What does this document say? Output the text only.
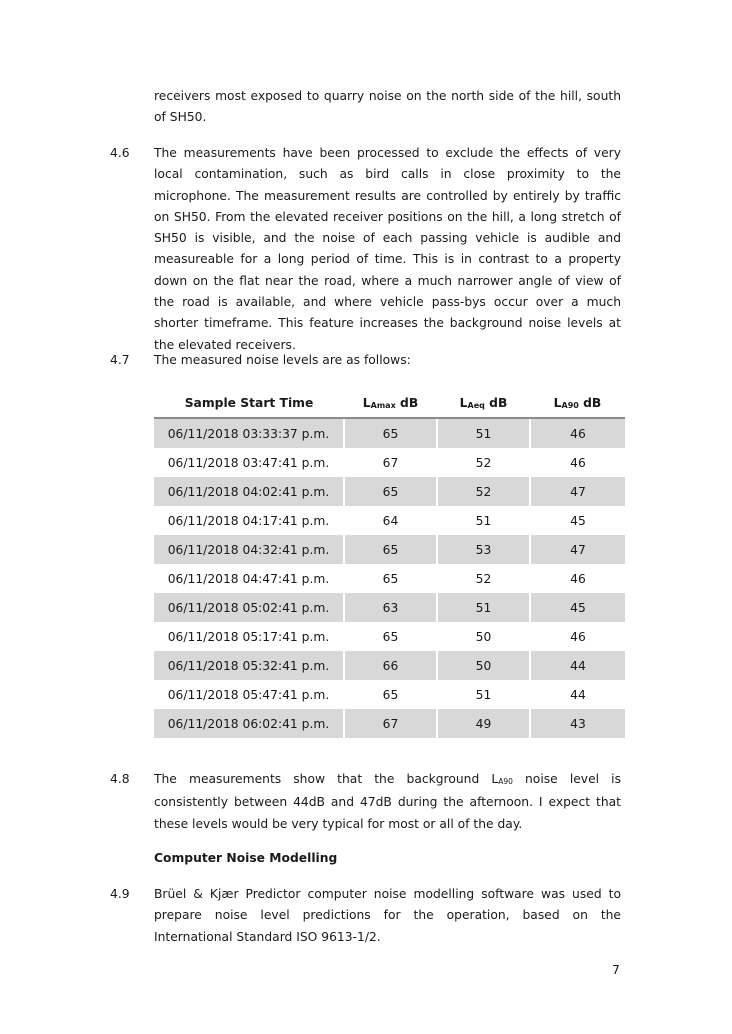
receivers most exposed to quarry noise on the north side of the hill, south of SH50.
4.6 The measurements have been processed to exclude the effects of very local contamination, such as bird calls in close proximity to the microphone. The measurement results are controlled by entirely by traffic on SH50. From the elevated receiver positions on the hill, a long stretch of SH50 is visible, and the noise of each passing vehicle is audible and measureable for a long period of time. This is in contrast to a property down on the flat near the road, where a much narrower angle of view of the road is available, and where vehicle pass-bys occur over a much shorter timeframe. This feature increases the background noise levels at the elevated receivers.
4.7 The measured noise levels are as follows:
Sample Start Time	$L_{Amax}$ dB	$L_{Aeq}$ dB	$L_{A90}$ dB
06/11/2018 03:33:37 p.m.	65	51	46
06/11/2018 03:47:41 p.m.	67	52	46
06/11/2018 04:02:41 p.m.	65	52	47
06/11/2018 04:17:41 p.m.	64	51	45
06/11/2018 04:32:41 p.m.	65	53	47
06/11/2018 04:47:41 p.m.	65	52	46
06/11/2018 05:02:41 p.m.	63	51	45
06/11/2018 05:17:41 p.m.	65	50	46
06/11/2018 05:32:41 p.m.	66	50	44
06/11/2018 05:47:41 p.m.	65	51	44
06/11/2018 06:02:41 p.m.	67	49	43
4.8 The measurements show that the background LA90 noise level is consistently between 44dB and 47dB during the afternoon. I expect that these levels would be very typical for most or all of the day.
Computer Noise Modelling
4.9 Brüel & Kjær Predictor computer noise modelling software was used to prepare noise level predictions for the operation, based on the International Standard ISO 9613-1/2.
7
